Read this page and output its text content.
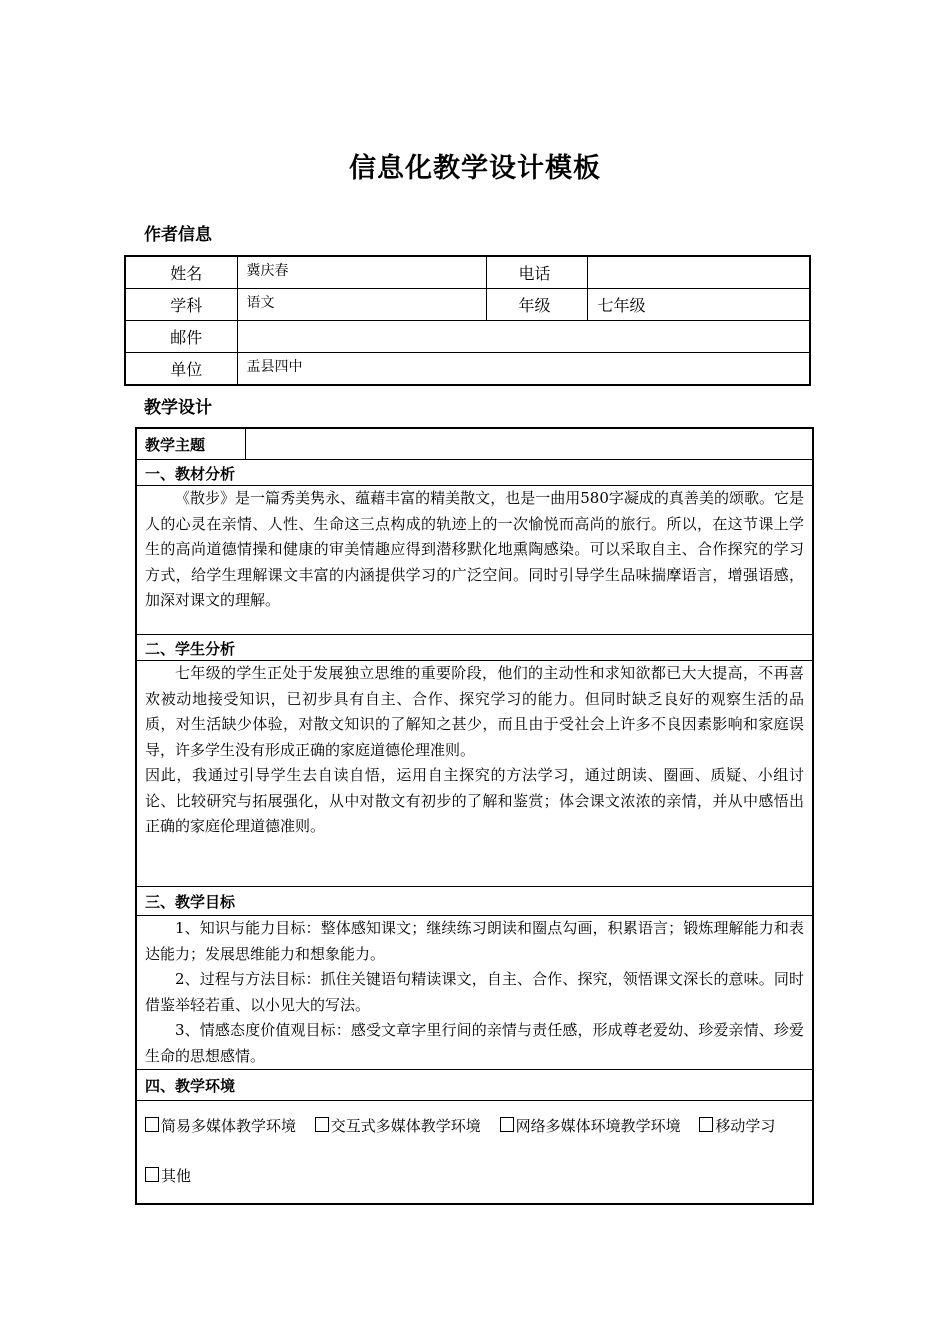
信息化教学设计模板
作者信息
姓名	冀庆春	电话	
学科	语文	年级	七年级
邮件			
单位	盂县四中		
教学设计
教学主题	
一、教材分析

《散步》是一篇秀美隽永、蕴藉丰富的精美散文，也是一曲用580字凝成的真善美的颂歌。它是人的心灵在亲情、人性、生命这三点构成的轨迹上的一次愉悦而高尚的旅行。所以，在这节课上学生的高尚道德情操和健康的审美情趣应得到潜移默化地熏陶感染。可以采取自主、合作探究的学习方式，给学生理解课文丰富的内涵提供学习的广泛空间。同时引导学生品味揣摩语言，增强语感，加深对课文的理解。

二、学生分析

七年级的学生正处于发展独立思维的重要阶段，他们的主动性和求知欲都已大大提高，不再喜欢被动地接受知识，已初步具有自主、合作、探究学习的能力。但同时缺乏良好的观察生活的品质，对生活缺少体验，对散文知识的了解知之甚少，而且由于受社会上许多不良因素影响和家庭误导，许多学生没有形成正确的家庭道德伦理准则。

因此，我通过引导学生去自读自悟，运用自主探究的方法学习，通过朗读、圈画、质疑、小组讨论、比较研究与拓展强化，从中对散文有初步的了解和鉴赏；体会课文浓浓的亲情，并从中感悟出正确的家庭伦理道德准则。

三、教学目标

1、知识与能力目标：整体感知课文；继续练习朗读和圈点勾画，积累语言；锻炼理解能力和表达能力；发展思维能力和想象能力。

2、过程与方法目标：抓住关键语句精读课文，自主、合作、探究，领悟课文深长的意味。同时借鉴举轻若重、以小见大的写法。

3、情感态度价值观目标：感受文章字里行间的亲情与责任感，形成尊老爱幼、珍爱亲情、珍爱生命的思想感情。

四、教学环境
简易多媒体教学环境 交互式多媒体教学环境 网络多媒体环境教学环境 移动学习 其他
